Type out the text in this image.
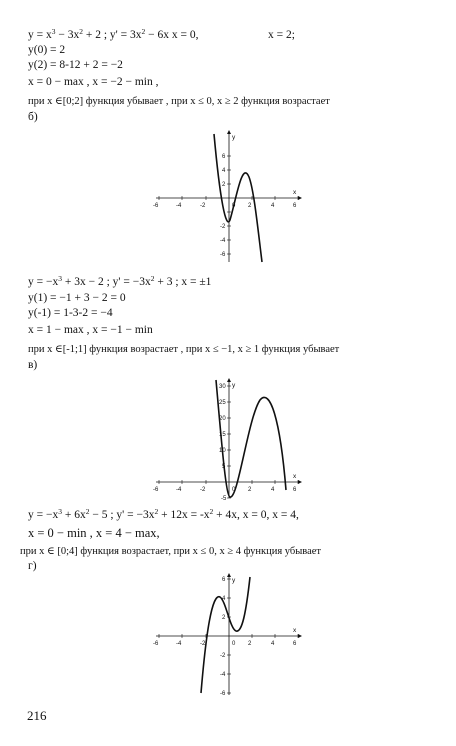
$y = x^3 - 3x^2 + 2$ ; $y' = 3x^2 - 6x$ x = 0,	x = 2;
y(0) = 2
y(2) = 8-12 + 2 = −2
x = 0 − max , x = −2 − min ,
при x ∈[0;2] функция убывает , при x ≤ 0, x ≥ 2 функция возрастает
б)
-6	-4	-2	0 2	4	6
6
4
2
-2
-4
-6
x
y
$y = -x^3 + 3x - 2$ ; $y' = -3x^2 + 3$ ; x = ±1
y(1) = −1 + 3 − 2 = 0
y(-1) = 1-3-2 = −4
x = 1 − max , x = −1 − min
при x ∈[-1;1] функция возрастает , при x ≤ −1, x ≥ 1 функция убывает
в)
-6	-4	-2	0 2	4	6
30
25
20
15
10
5
-5
x
y
$y = -x^3 + 6x^2 - 5$ ; $y' = -3x^2 + 12x = -x^2 + 4x$, x = 0, x = 4,
x = 0 − min , x = 4 − max,
при x ∈ [0;4] функция возрастает, при x ≤ 0, x ≥ 4 функция убывает
г)
-6	-4	-2	0 2	4	6
6
4
2
-2
-4
-6
x
y
216
